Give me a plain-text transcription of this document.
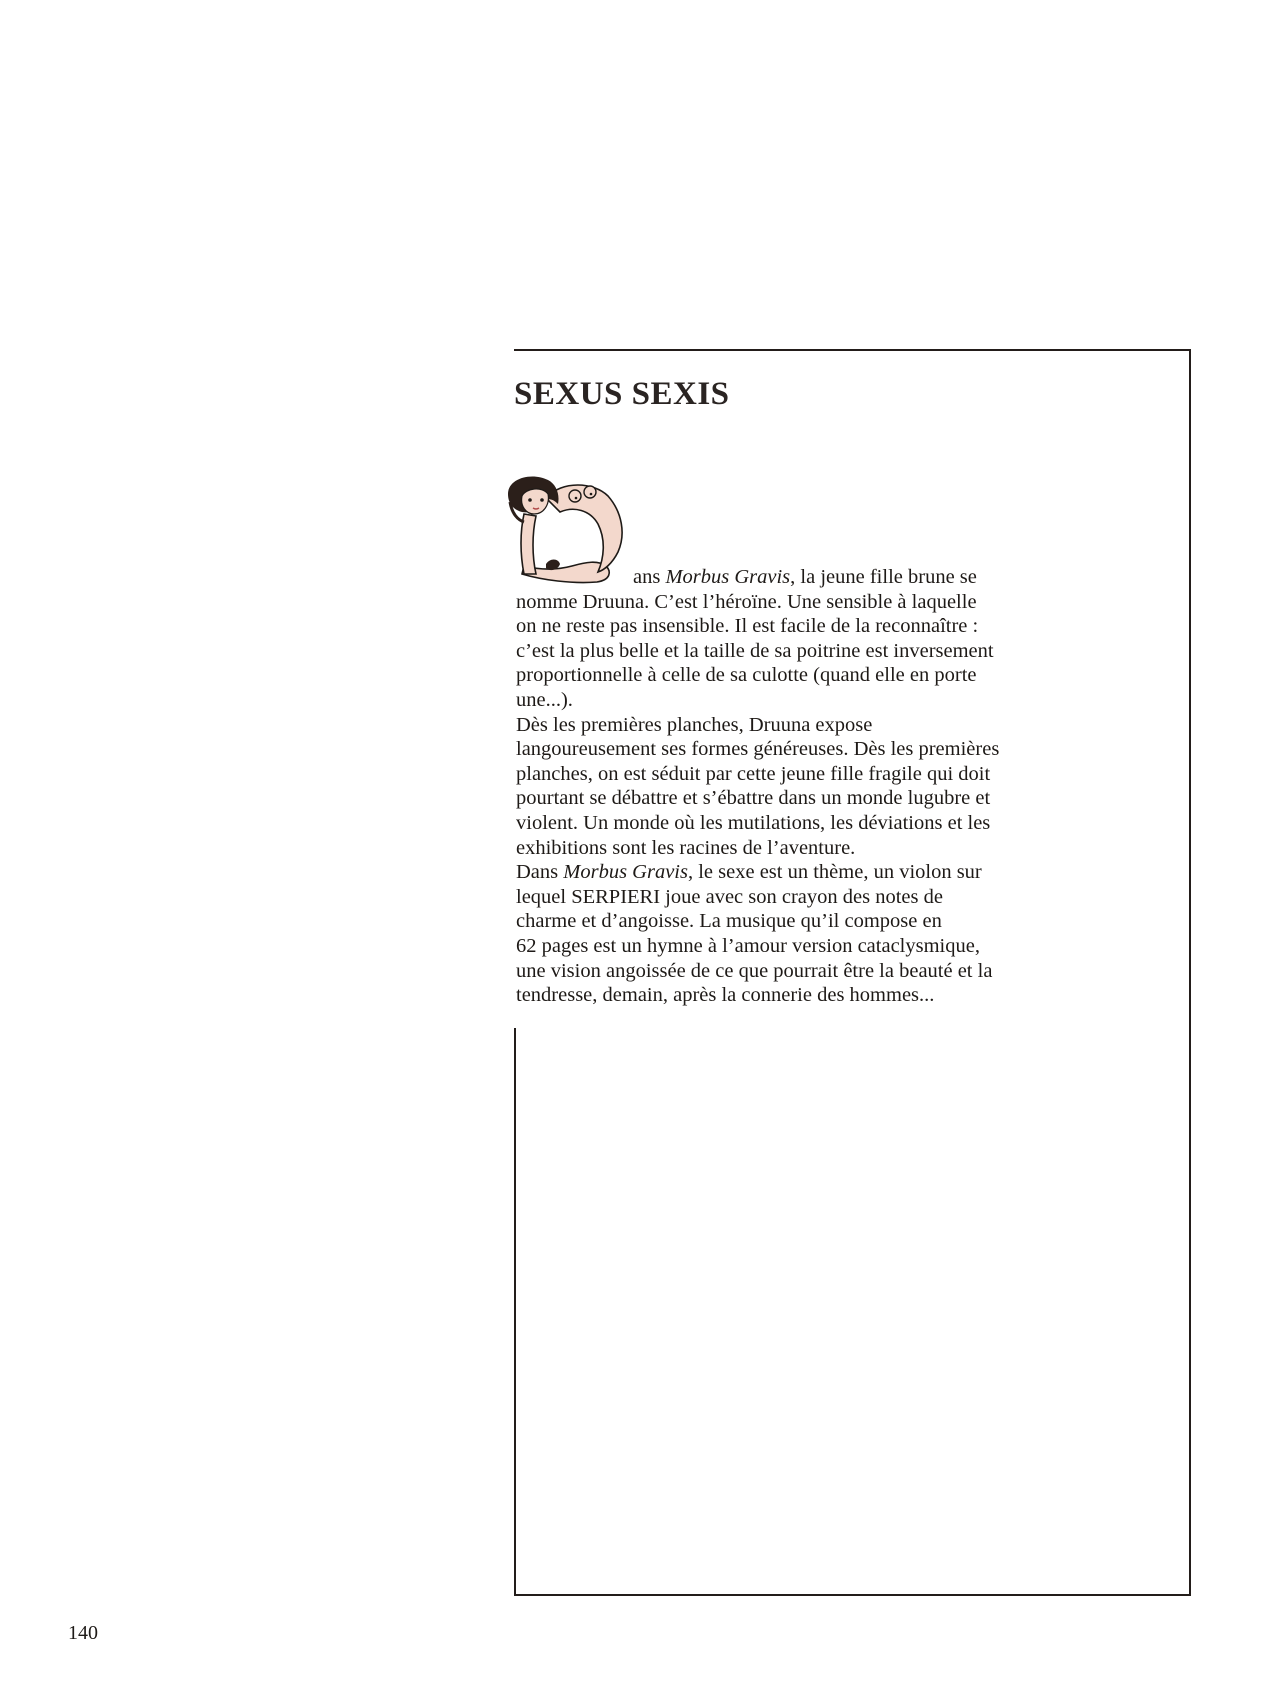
SEXUS SEXIS
ans Morbus Gravis, la jeune fille brune se
nomme Druuna. C’est l’héroïne. Une sensible à laquelle
on ne reste pas insensible. Il est facile de la reconnaître :
c’est la plus belle et la taille de sa poitrine est inversement
proportionnelle à celle de sa culotte (quand elle en porte
une...).
Dès les premières planches, Druuna expose
langoureusement ses formes généreuses. Dès les premières
planches, on est séduit par cette jeune fille fragile qui doit
pourtant se débattre et s’ébattre dans un monde lugubre et
violent. Un monde où les mutilations, les déviations et les
exhibitions sont les racines de l’aventure.
Dans Morbus Gravis, le sexe est un thème, un violon sur
lequel SERPIERI joue avec son crayon des notes de
charme et d’angoisse. La musique qu’il compose en
62 pages est un hymne à l’amour version cataclysmique,
une vision angoissée de ce que pourrait être la beauté et la
tendresse, demain, après la connerie des hommes...
140
